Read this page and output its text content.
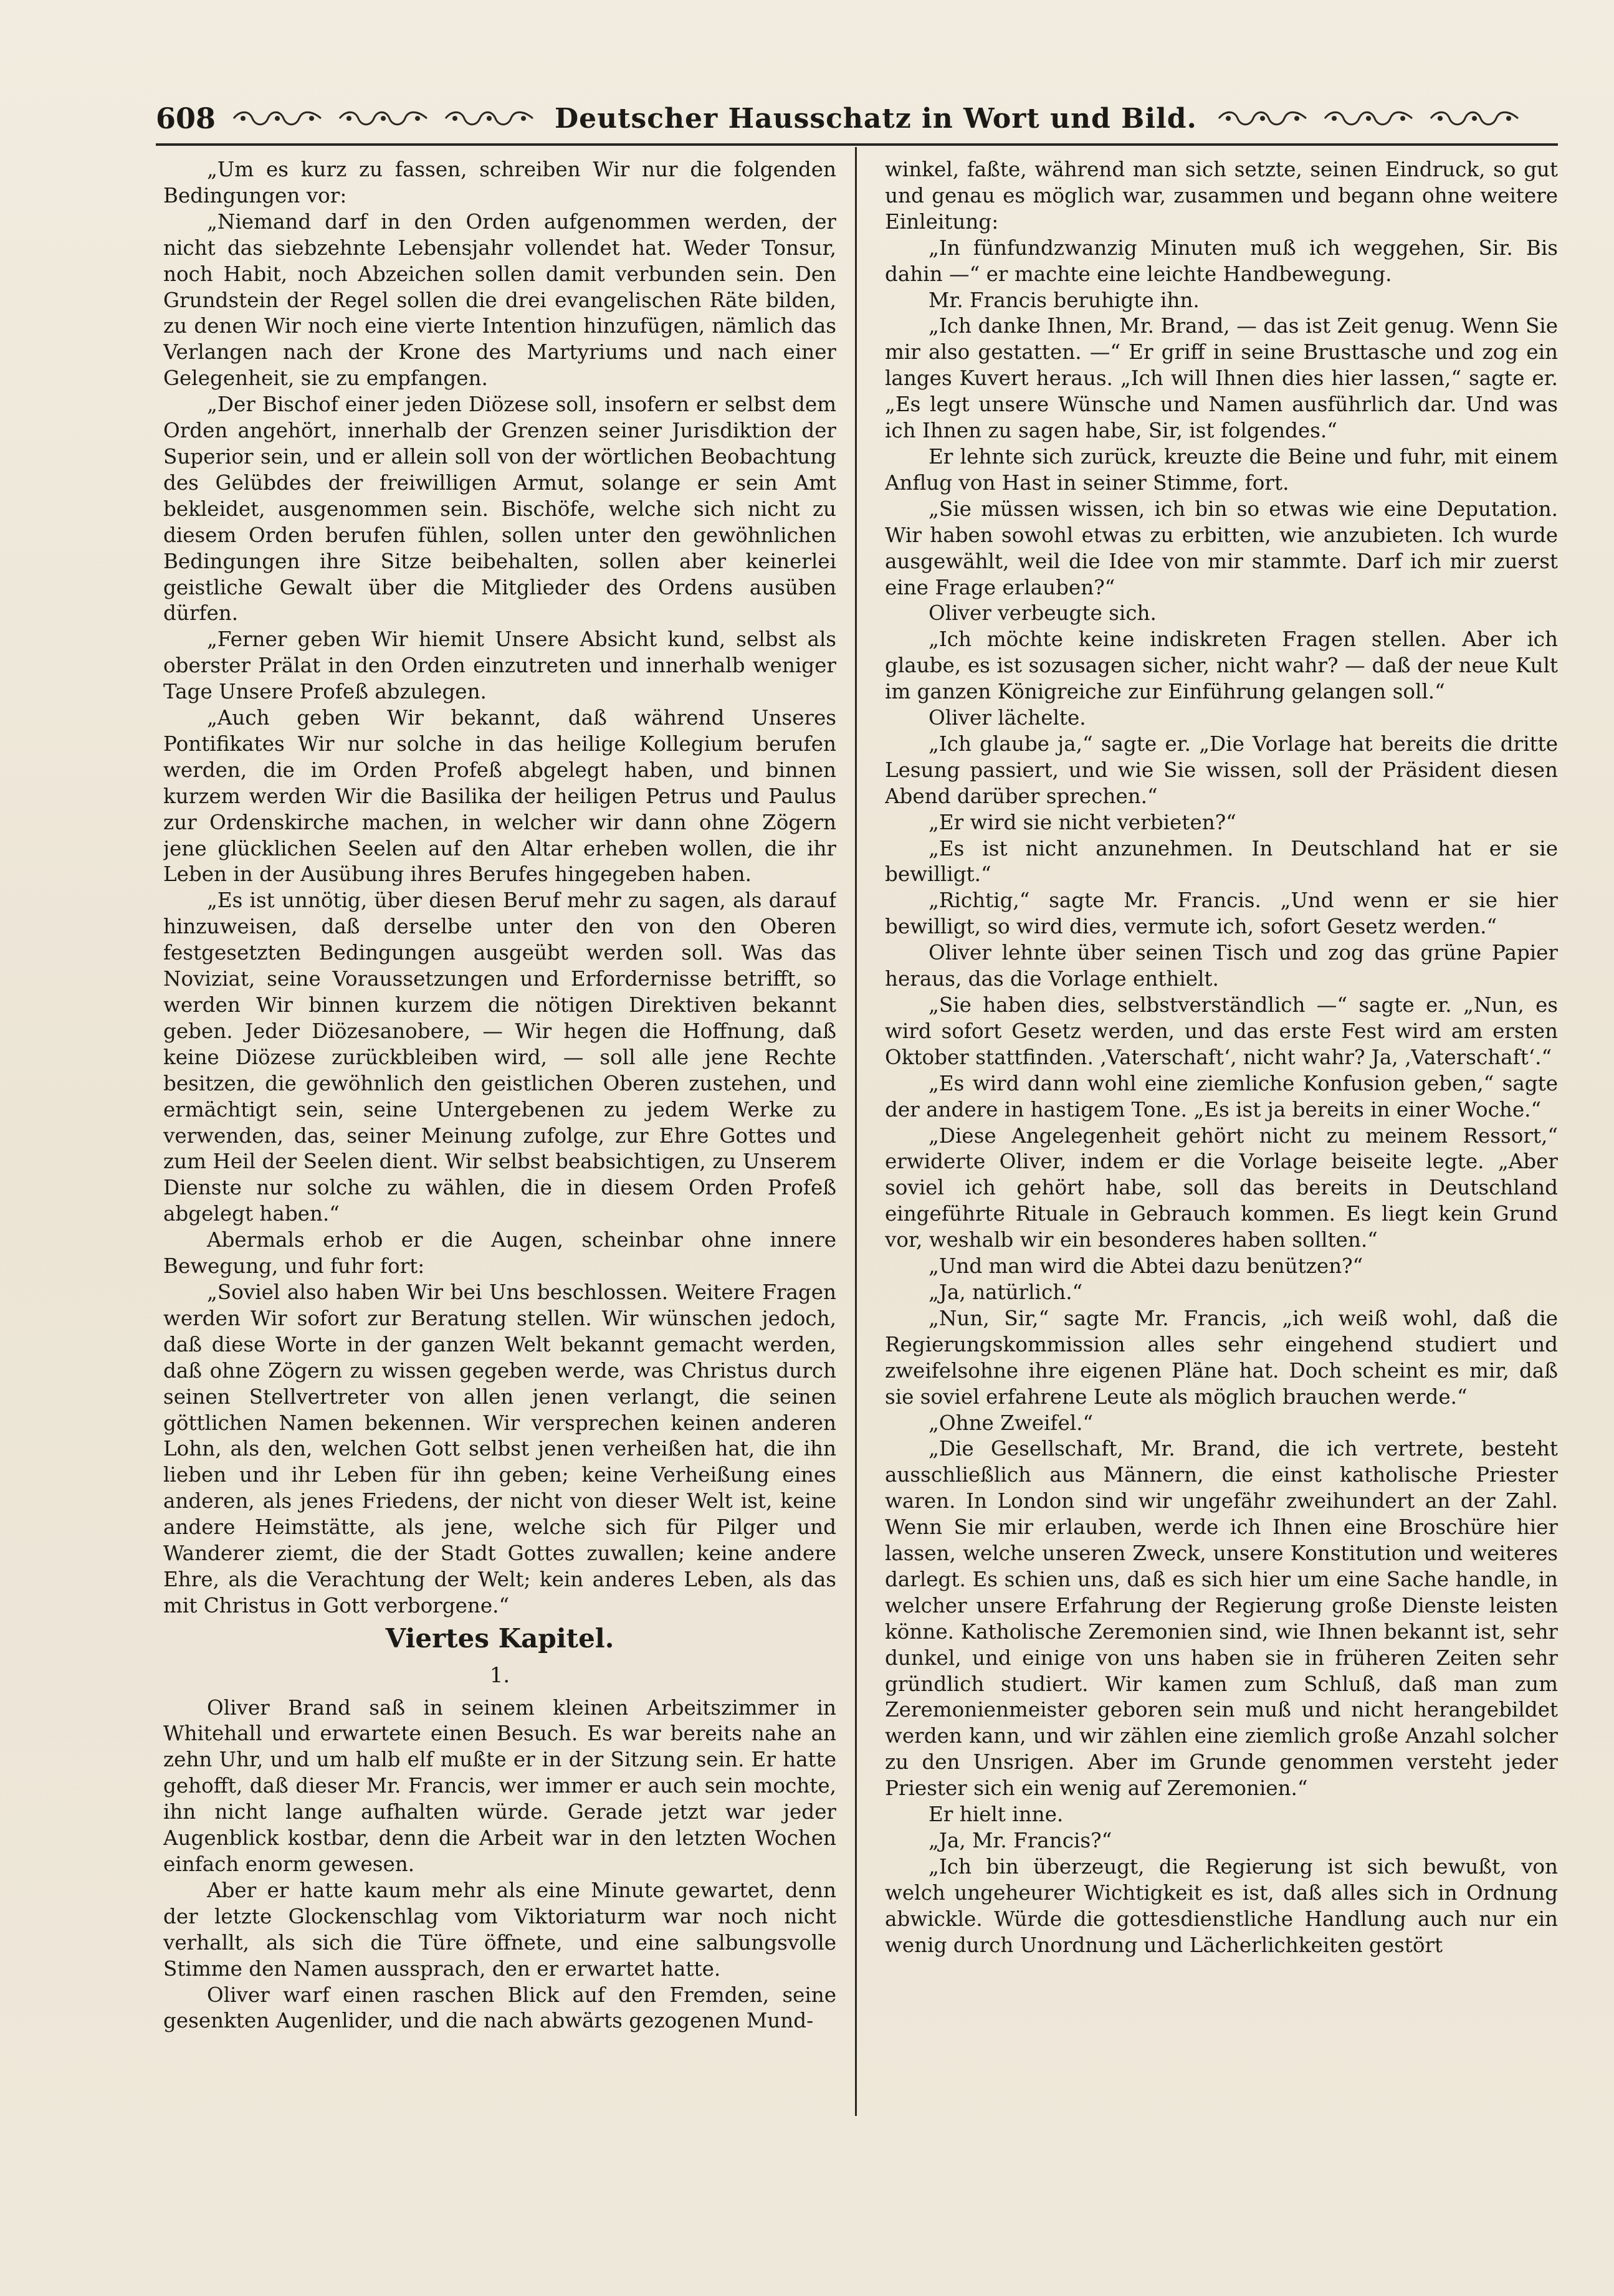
608	Deutscher Hausschatz in Wort und Bild.

„Um es kurz zu fassen, schreiben Wir nur die folgenden Bedingungen vor:

„Niemand darf in den Orden aufgenommen werden, der nicht das siebzehnte Lebensjahr vollendet hat. Weder Tonsur, noch Habit, noch Abzeichen sollen damit verbunden sein. Den Grundstein der Regel sollen die drei evangelischen Räte bilden, zu denen Wir noch eine vierte Intention hinzufügen, nämlich das Verlangen nach der Krone des Martyriums und nach einer Gelegenheit, sie zu empfangen.

„Der Bischof einer jeden Diözese soll, insofern er selbst dem Orden angehört, innerhalb der Grenzen seiner Jurisdiktion der Superior sein, und er allein soll von der wörtlichen Beobachtung des Gelübdes der freiwilligen Armut, solange er sein Amt bekleidet, ausgenommen sein. Bischöfe, welche sich nicht zu diesem Orden berufen fühlen, sollen unter den gewöhnlichen Bedingungen ihre Sitze beibehalten, sollen aber keinerlei geistliche Gewalt über die Mitglieder des Ordens ausüben dürfen.

„Ferner geben Wir hiemit Unsere Absicht kund, selbst als oberster Prälat in den Orden einzutreten und innerhalb weniger Tage Unsere Profeß abzulegen.

„Auch geben Wir bekannt, daß während Unseres Pontifikates Wir nur solche in das heilige Kollegium berufen werden, die im Orden Profeß abgelegt haben, und binnen kurzem werden Wir die Basilika der heiligen Petrus und Paulus zur Ordenskirche machen, in welcher wir dann ohne Zögern jene glücklichen Seelen auf den Altar erheben wollen, die ihr Leben in der Ausübung ihres Berufes hingegeben haben.

„Es ist unnötig, über diesen Beruf mehr zu sagen, als darauf hinzuweisen, daß derselbe unter den von den Oberen festgesetzten Bedingungen ausgeübt werden soll. Was das Noviziat, seine Voraussetzungen und Erfordernisse betrifft, so werden Wir binnen kurzem die nötigen Direktiven bekannt geben. Jeder Diözesanobere, — Wir hegen die Hoffnung, daß keine Diözese zurückbleiben wird, — soll alle jene Rechte besitzen, die gewöhnlich den geistlichen Oberen zustehen, und ermächtigt sein, seine Untergebenen zu jedem Werke zu verwenden, das, seiner Meinung zufolge, zur Ehre Gottes und zum Heil der Seelen dient. Wir selbst beabsichtigen, zu Unserem Dienste nur solche zu wählen, die in diesem Orden Profeß abgelegt haben.“

Abermals erhob er die Augen, scheinbar ohne innere Bewegung, und fuhr fort:

„Soviel also haben Wir bei Uns beschlossen. Weitere Fragen werden Wir sofort zur Beratung stellen. Wir wünschen jedoch, daß diese Worte in der ganzen Welt bekannt gemacht werden, daß ohne Zögern zu wissen gegeben werde, was Christus durch seinen Stellvertreter von allen jenen verlangt, die seinen göttlichen Namen bekennen. Wir versprechen keinen anderen Lohn, als den, welchen Gott selbst jenen verheißen hat, die ihn lieben und ihr Leben für ihn geben; keine Verheißung eines anderen, als jenes Friedens, der nicht von dieser Welt ist, keine andere Heimstätte, als jene, welche sich für Pilger und Wanderer ziemt, die der Stadt Gottes zuwallen; keine andere Ehre, als die Verachtung der Welt; kein anderes Leben, als das mit Christus in Gott verborgene.“

Viertes Kapitel.
1.

Oliver Brand saß in seinem kleinen Arbeitszimmer in Whitehall und erwartete einen Besuch. Es war bereits nahe an zehn Uhr, und um halb elf mußte er in der Sitzung sein. Er hatte gehofft, daß dieser Mr. Francis, wer immer er auch sein mochte, ihn nicht lange aufhalten würde. Gerade jetzt war jeder Augenblick kostbar, denn die Arbeit war in den letzten Wochen einfach enorm gewesen.

Aber er hatte kaum mehr als eine Minute gewartet, denn der letzte Glockenschlag vom Viktoriaturm war noch nicht verhallt, als sich die Türe öffnete, und eine salbungsvolle Stimme den Namen aussprach, den er erwartet hatte.

Oliver warf einen raschen Blick auf den Fremden, seine gesenkten Augenlider, und die nach abwärts gezogenen Mund-

winkel, faßte, während man sich setzte, seinen Eindruck, so gut und genau es möglich war, zusammen und begann ohne weitere Einleitung:

„In fünfundzwanzig Minuten muß ich weggehen, Sir. Bis dahin —“ er machte eine leichte Handbewegung.

Mr. Francis beruhigte ihn.

„Ich danke Ihnen, Mr. Brand, — das ist Zeit genug. Wenn Sie mir also gestatten. —“ Er griff in seine Brusttasche und zog ein langes Kuvert heraus. „Ich will Ihnen dies hier lassen,“ sagte er. „Es legt unsere Wünsche und Namen ausführlich dar. Und was ich Ihnen zu sagen habe, Sir, ist folgendes.“

Er lehnte sich zurück, kreuzte die Beine und fuhr, mit einem Anflug von Hast in seiner Stimme, fort.

„Sie müssen wissen, ich bin so etwas wie eine Deputation. Wir haben sowohl etwas zu erbitten, wie anzubieten. Ich wurde ausgewählt, weil die Idee von mir stammte. Darf ich mir zuerst eine Frage erlauben?“

Oliver verbeugte sich.

„Ich möchte keine indiskreten Fragen stellen. Aber ich glaube, es ist sozusagen sicher, nicht wahr? — daß der neue Kult im ganzen Königreiche zur Einführung gelangen soll.“

Oliver lächelte.

„Ich glaube ja,“ sagte er. „Die Vorlage hat bereits die dritte Lesung passiert, und wie Sie wissen, soll der Präsident diesen Abend darüber sprechen.“

„Er wird sie nicht verbieten?“

„Es ist nicht anzunehmen. In Deutschland hat er sie bewilligt.“

„Richtig,“ sagte Mr. Francis. „Und wenn er sie hier bewilligt, so wird dies, vermute ich, sofort Gesetz werden.“

Oliver lehnte über seinen Tisch und zog das grüne Papier heraus, das die Vorlage enthielt.

„Sie haben dies, selbstverständlich —“ sagte er. „Nun, es wird sofort Gesetz werden, und das erste Fest wird am ersten Oktober stattfinden. ‚Vaterschaft‘, nicht wahr? Ja, ‚Vaterschaft‘.“

„Es wird dann wohl eine ziemliche Konfusion geben,“ sagte der andere in hastigem Tone. „Es ist ja bereits in einer Woche.“

„Diese Angelegenheit gehört nicht zu meinem Ressort,“ erwiderte Oliver, indem er die Vorlage beiseite legte. „Aber soviel ich gehört habe, soll das bereits in Deutschland eingeführte Rituale in Gebrauch kommen. Es liegt kein Grund vor, weshalb wir ein besonderes haben sollten.“

„Und man wird die Abtei dazu benützen?“

„Ja, natürlich.“

„Nun, Sir,“ sagte Mr. Francis, „ich weiß wohl, daß die Regierungskommission alles sehr eingehend studiert und zweifelsohne ihre eigenen Pläne hat. Doch scheint es mir, daß sie soviel erfahrene Leute als möglich brauchen werde.“

„Ohne Zweifel.“

„Die Gesellschaft, Mr. Brand, die ich vertrete, besteht ausschließlich aus Männern, die einst katholische Priester waren. In London sind wir ungefähr zweihundert an der Zahl. Wenn Sie mir erlauben, werde ich Ihnen eine Broschüre hier lassen, welche unseren Zweck, unsere Konstitution und weiteres darlegt. Es schien uns, daß es sich hier um eine Sache handle, in welcher unsere Erfahrung der Regierung große Dienste leisten könne. Katholische Zeremonien sind, wie Ihnen bekannt ist, sehr dunkel, und einige von uns haben sie in früheren Zeiten sehr gründlich studiert. Wir kamen zum Schluß, daß man zum Zeremonienmeister geboren sein muß und nicht herangebildet werden kann, und wir zählen eine ziemlich große Anzahl solcher zu den Unsrigen. Aber im Grunde genommen versteht jeder Priester sich ein wenig auf Zeremonien.“

Er hielt inne.

„Ja, Mr. Francis?“

„Ich bin überzeugt, die Regierung ist sich bewußt, von welch ungeheurer Wichtigkeit es ist, daß alles sich in Ordnung abwickle. Würde die gottesdienstliche Handlung auch nur ein wenig durch Unordnung und Lächerlichkeiten gestört
